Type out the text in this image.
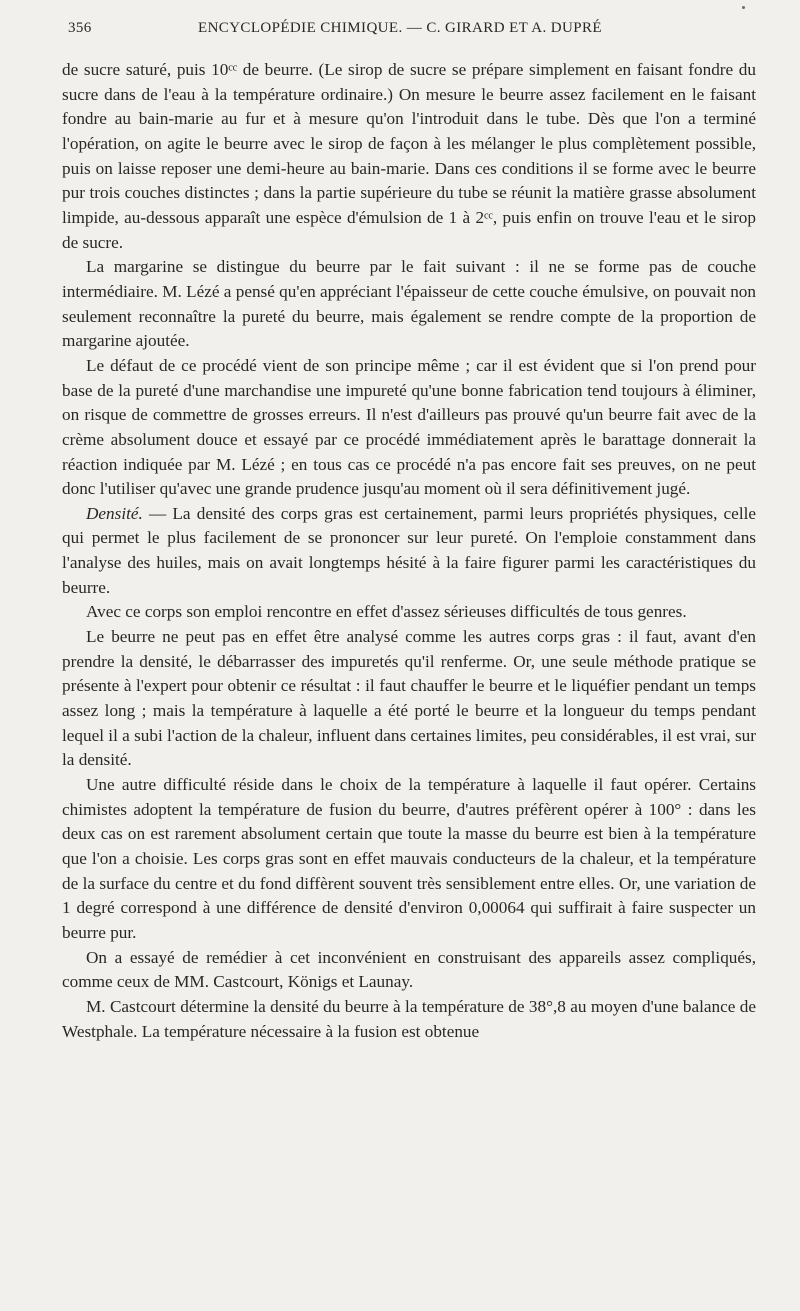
356	ENCYCLOPÉDIE CHIMIQUE. — C. GIRARD ET A. DUPRÉ

de sucre saturé, puis 10ᶜᶜ de beurre. (Le sirop de sucre se prépare simplement en faisant fondre du sucre dans de l'eau à la température ordinaire.) On mesure le beurre assez facilement en le faisant fondre au bain-marie au fur et à mesure qu'on l'introduit dans le tube. Dès que l'on a terminé l'opération, on agite le beurre avec le sirop de façon à les mélanger le plus complètement possible, puis on laisse reposer une demi-heure au bain-marie. Dans ces conditions il se forme avec le beurre pur trois couches distinctes ; dans la partie supérieure du tube se réunit la matière grasse absolument limpide, au-dessous apparaît une espèce d'émulsion de 1 à 2ᶜᶜ, puis enfin on trouve l'eau et le sirop de sucre.

La margarine se distingue du beurre par le fait suivant : il ne se forme pas de couche intermédiaire. M. Lézé a pensé qu'en appréciant l'épaisseur de cette couche émulsive, on pouvait non seulement reconnaître la pureté du beurre, mais également se rendre compte de la proportion de margarine ajoutée.

Le défaut de ce procédé vient de son principe même ; car il est évident que si l'on prend pour base de la pureté d'une marchandise une impureté qu'une bonne fabrication tend toujours à éliminer, on risque de commettre de grosses erreurs. Il n'est d'ailleurs pas prouvé qu'un beurre fait avec de la crème absolument douce et essayé par ce procédé immédiatement après le barattage donnerait la réaction indiquée par M. Lézé ; en tous cas ce procédé n'a pas encore fait ses preuves, on ne peut donc l'utiliser qu'avec une grande prudence jusqu'au moment où il sera définitivement jugé.

Densité. — La densité des corps gras est certainement, parmi leurs propriétés physiques, celle qui permet le plus facilement de se prononcer sur leur pureté. On l'emploie constamment dans l'analyse des huiles, mais on avait longtemps hésité à la faire figurer parmi les caractéristiques du beurre.

Avec ce corps son emploi rencontre en effet d'assez sérieuses difficultés de tous genres.

Le beurre ne peut pas en effet être analysé comme les autres corps gras : il faut, avant d'en prendre la densité, le débarrasser des impuretés qu'il renferme. Or, une seule méthode pratique se présente à l'expert pour obtenir ce résultat : il faut chauffer le beurre et le liquéfier pendant un temps assez long ; mais la température à laquelle a été porté le beurre et la longueur du temps pendant lequel il a subi l'action de la chaleur, influent dans certaines limites, peu considérables, il est vrai, sur la densité.

Une autre difficulté réside dans le choix de la température à laquelle il faut opérer. Certains chimistes adoptent la température de fusion du beurre, d'autres préfèrent opérer à 100° : dans les deux cas on est rarement absolument certain que toute la masse du beurre est bien à la température que l'on a choisie. Les corps gras sont en effet mauvais conducteurs de la chaleur, et la température de la surface du centre et du fond diffèrent souvent très sensiblement entre elles. Or, une variation de 1 degré correspond à une différence de densité d'environ 0,00064 qui suffirait à faire suspecter un beurre pur.

On a essayé de remédier à cet inconvénient en construisant des appareils assez compliqués, comme ceux de MM. Castcourt, Königs et Launay.

M. Castcourt détermine la densité du beurre à la température de 38°,8 au moyen d'une balance de Westphale. La température nécessaire à la fusion est obtenue
